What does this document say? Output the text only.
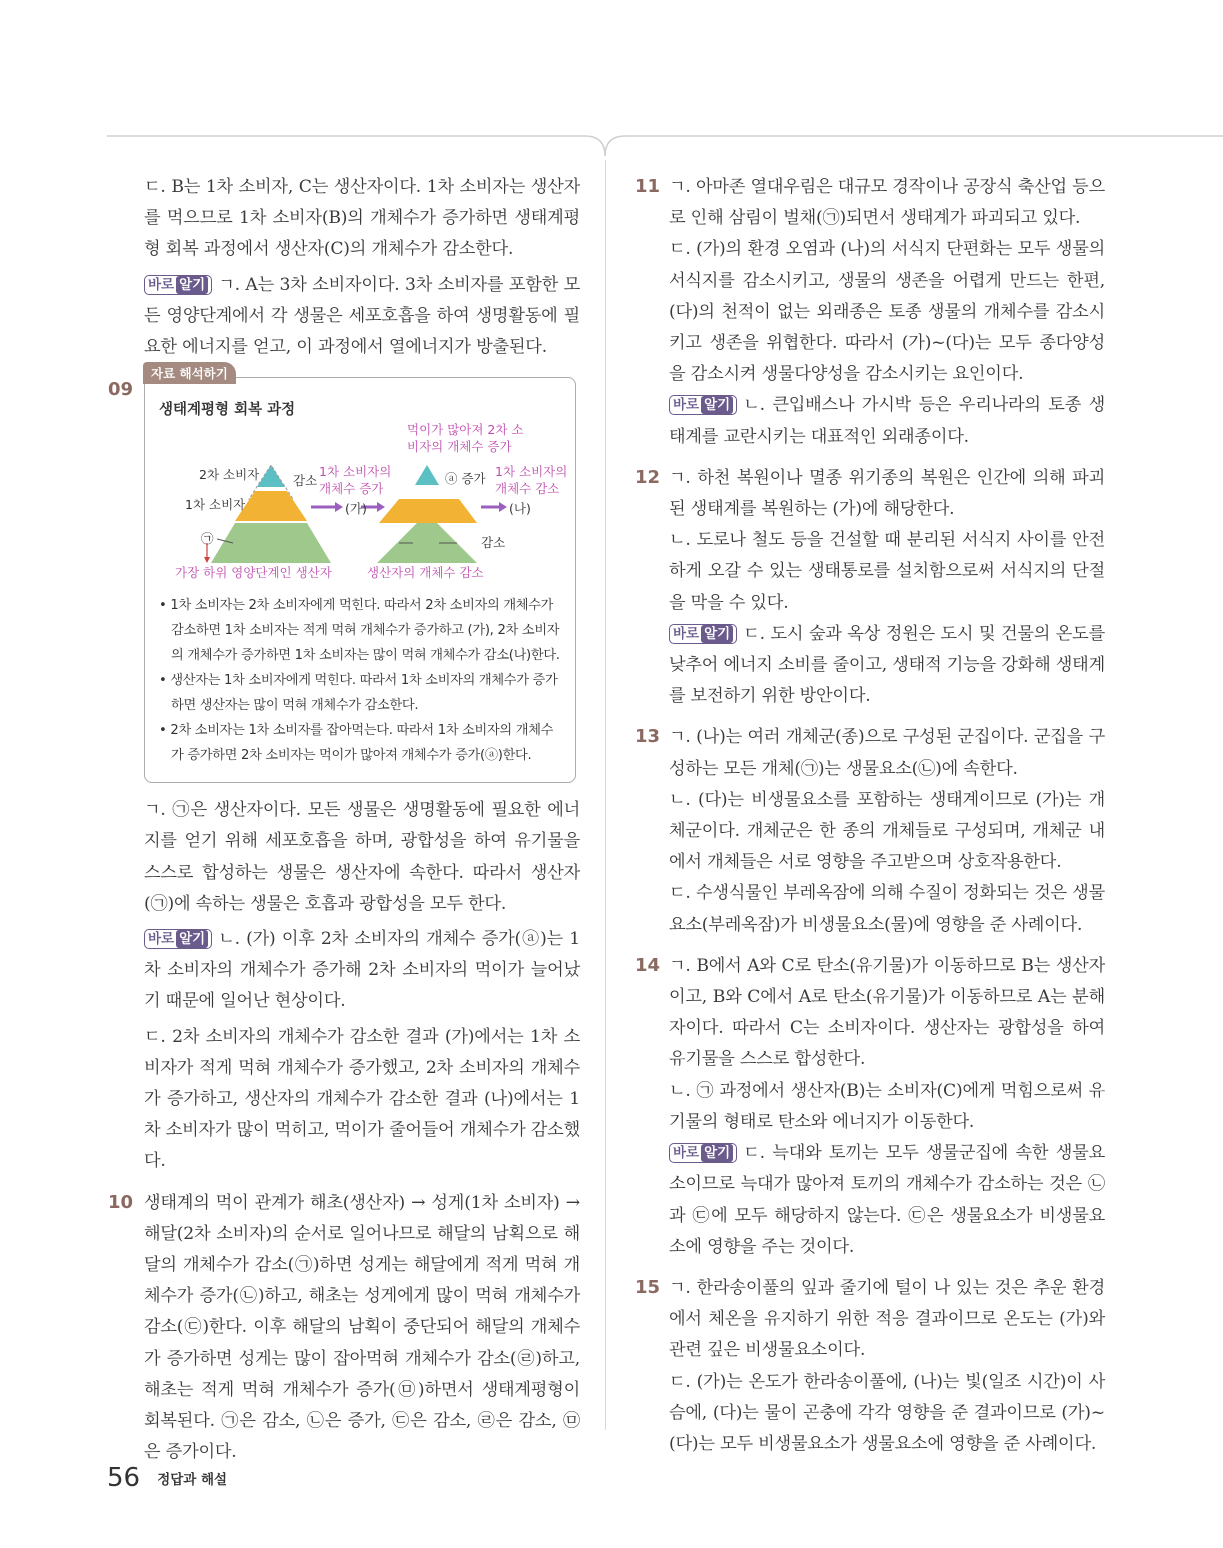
ㄷ. B는 1차 소비자, C는 생산자이다. 1차 소비자는 생산자를 먹으므로 1차 소비자(B)의 개체수가 증가하면 생태계평형 회복 과정에서 생산자(C)의 개체수가 감소한다.

바로 알기 ㄱ. A는 3차 소비자이다. 3차 소비자를 포함한 모든 영양단계에서 각 생물은 세포호흡을 하여 생명활동에 필요한 에너지를 얻고, 이 과정에서 열에너지가 방출된다.

09
자료 해석하기
생태계평형 회복 과정
2차 소비자	감소
1차 소비자
1차 소비자의
개체수 증가
(가)
먹이가 많아져 2차 소
비자의 개체수 증가
ⓐ 증가 1차 소비자의
개체수 감소
(나)
감소
㉠
가장 하위 영양단계인 생산자	생산자의 개체수 감소
• 1차 소비자는 2차 소비자에게 먹힌다. 따라서 2차 소비자의 개체수가 감소하면 1차 소비자는 적게 먹혀 개체수가 증가하고 (가), 2차 소비자의 개체수가 증가하면 1차 소비자는 많이 먹혀 개체수가 감소(나)한다.
• 생산자는 1차 소비자에게 먹힌다. 따라서 1차 소비자의 개체수가 증가하면 생산자는 많이 먹혀 개체수가 감소한다.
• 2차 소비자는 1차 소비자를 잡아먹는다. 따라서 1차 소비자의 개체수가 증가하면 2차 소비자는 먹이가 많아져 개체수가 증가(ⓐ)한다.

ㄱ. ㉠은 생산자이다. 모든 생물은 생명활동에 필요한 에너지를 얻기 위해 세포호흡을 하며, 광합성을 하여 유기물을 스스로 합성하는 생물은 생산자에 속한다. 따라서 생산자(㉠)에 속하는 생물은 호흡과 광합성을 모두 한다.

바로 알기 ㄴ. (가) 이후 2차 소비자의 개체수 증가(ⓐ)는 1차 소비자의 개체수가 증가해 2차 소비자의 먹이가 늘어났기 때문에 일어난 현상이다.

ㄷ. 2차 소비자의 개체수가 감소한 결과 (가)에서는 1차 소비자가 적게 먹혀 개체수가 증가했고, 2차 소비자의 개체수가 증가하고, 생산자의 개체수가 감소한 결과 (나)에서는 1차 소비자가 많이 먹히고, 먹이가 줄어들어 개체수가 감소했다.

10 생태계의 먹이 관계가 해초(생산자) → 성게(1차 소비자) → 해달(2차 소비자)의 순서로 일어나므로 해달의 남획으로 해달의 개체수가 감소(㉠)하면 성게는 해달에게 적게 먹혀 개체수가 증가(㉡)하고, 해초는 성게에게 많이 먹혀 개체수가 감소(㉢)한다. 이후 해달의 남획이 중단되어 해달의 개체수가 증가하면 성게는 많이 잡아먹혀 개체수가 감소(㉣)하고, 해초는 적게 먹혀 개체수가 증가(㉤)하면서 생태계평형이 회복된다. ㉠은 감소, ㉡은 증가, ㉢은 감소, ㉣은 감소, ㉤은 증가이다.

11 ㄱ. 아마존 열대우림은 대규모 경작이나 공장식 축산업 등으로 인해 삼림이 벌채(㉠)되면서 생태계가 파괴되고 있다.

ㄷ. (가)의 환경 오염과 (나)의 서식지 단편화는 모두 생물의 서식지를 감소시키고, 생물의 생존을 어렵게 만드는 한편, (다)의 천적이 없는 외래종은 토종 생물의 개체수를 감소시키고 생존을 위협한다. 따라서 (가)~(다)는 모두 종다양성을 감소시켜 생물다양성을 감소시키는 요인이다.

바로 알기 ㄴ. 큰입배스나 가시박 등은 우리나라의 토종 생태계를 교란시키는 대표적인 외래종이다.

12 ㄱ. 하천 복원이나 멸종 위기종의 복원은 인간에 의해 파괴된 생태계를 복원하는 (가)에 해당한다.

ㄴ. 도로나 철도 등을 건설할 때 분리된 서식지 사이를 안전하게 오갈 수 있는 생태통로를 설치함으로써 서식지의 단절을 막을 수 있다.

바로 알기 ㄷ. 도시 숲과 옥상 정원은 도시 및 건물의 온도를 낮추어 에너지 소비를 줄이고, 생태적 기능을 강화해 생태계를 보전하기 위한 방안이다.

13 ㄱ. (나)는 여러 개체군(종)으로 구성된 군집이다. 군집을 구성하는 모든 개체(㉠)는 생물요소(㉡)에 속한다.

ㄴ. (다)는 비생물요소를 포함하는 생태계이므로 (가)는 개체군이다. 개체군은 한 종의 개체들로 구성되며, 개체군 내에서 개체들은 서로 영향을 주고받으며 상호작용한다.

ㄷ. 수생식물인 부레옥잠에 의해 수질이 정화되는 것은 생물요소(부레옥잠)가 비생물요소(물)에 영향을 준 사례이다.

14 ㄱ. B에서 A와 C로 탄소(유기물)가 이동하므로 B는 생산자이고, B와 C에서 A로 탄소(유기물)가 이동하므로 A는 분해자이다. 따라서 C는 소비자이다. 생산자는 광합성을 하여 유기물을 스스로 합성한다.

ㄴ. ㉠ 과정에서 생산자(B)는 소비자(C)에게 먹힘으로써 유기물의 형태로 탄소와 에너지가 이동한다.

바로 알기 ㄷ. 늑대와 토끼는 모두 생물군집에 속한 생물요소이므로 늑대가 많아져 토끼의 개체수가 감소하는 것은 ㉡과 ㉢에 모두 해당하지 않는다. ㉢은 생물요소가 비생물요소에 영향을 주는 것이다.

15 ㄱ. 한라송이풀의 잎과 줄기에 털이 나 있는 것은 추운 환경에서 체온을 유지하기 위한 적응 결과이므로 온도는 (가)와 관련 깊은 비생물요소이다.

ㄷ. (가)는 온도가 한라송이풀에, (나)는 빛(일조 시간)이 사슴에, (다)는 물이 곤충에 각각 영향을 준 결과이므로 (가)~(다)는 모두 비생물요소가 생물요소에 영향을 준 사례이다.

56 정답과 해설
